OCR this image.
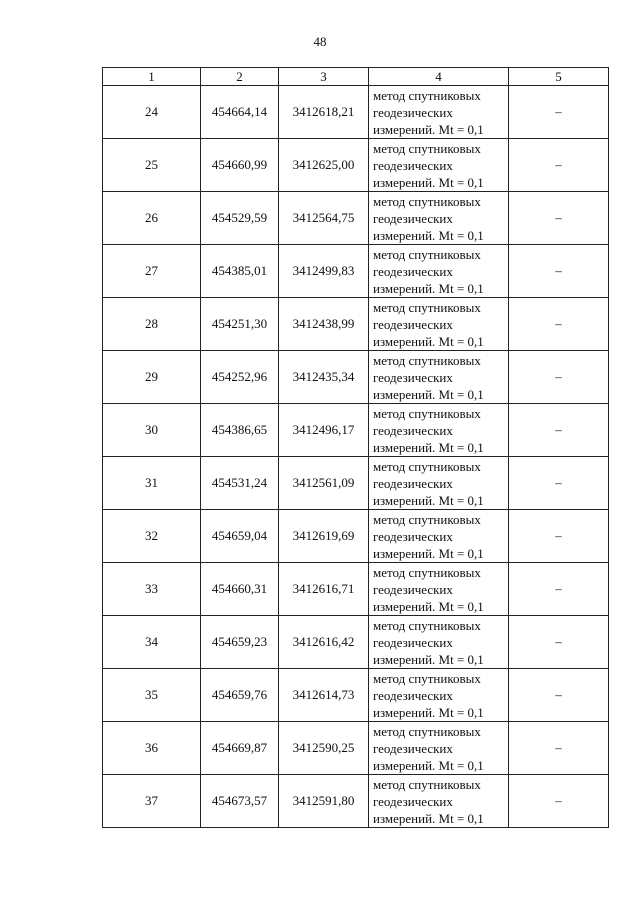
48
1	2	3	4	5
24	454664,14	3412618,21	метод спутниковых
геодезических
измерений. Mt = 0,1	–
25	454660,99	3412625,00	метод спутниковых
геодезических
измерений. Mt = 0,1	–
26	454529,59	3412564,75	метод спутниковых
геодезических
измерений. Mt = 0,1	–
27	454385,01	3412499,83	метод спутниковых
геодезических
измерений. Mt = 0,1	–
28	454251,30	3412438,99	метод спутниковых
геодезических
измерений. Mt = 0,1	–
29	454252,96	3412435,34	метод спутниковых
геодезических
измерений. Mt = 0,1	–
30	454386,65	3412496,17	метод спутниковых
геодезических
измерений. Mt = 0,1	–
31	454531,24	3412561,09	метод спутниковых
геодезических
измерений. Mt = 0,1	–
32	454659,04	3412619,69	метод спутниковых
геодезических
измерений. Mt = 0,1	–
33	454660,31	3412616,71	метод спутниковых
геодезических
измерений. Mt = 0,1	–
34	454659,23	3412616,42	метод спутниковых
геодезических
измерений. Mt = 0,1	–
35	454659,76	3412614,73	метод спутниковых
геодезических
измерений. Mt = 0,1	–
36	454669,87	3412590,25	метод спутниковых
геодезических
измерений. Mt = 0,1	–
37	454673,57	3412591,80	метод спутниковых
геодезических
измерений. Mt = 0,1	–
